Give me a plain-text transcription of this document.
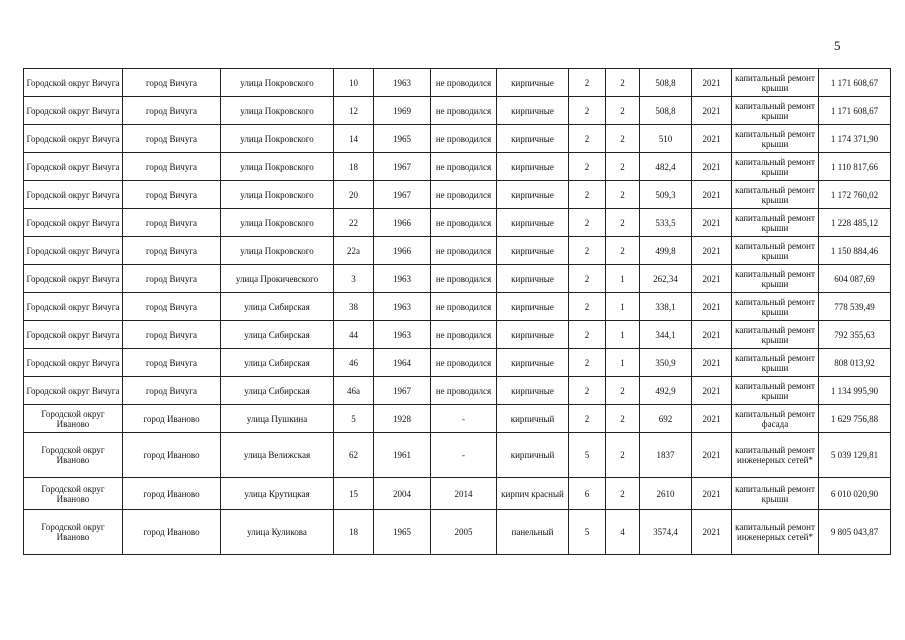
5
Городской округ Вичуга	город Вичуга	улица Покровского	10	1963	не проводился	кирпичные	2	2	508,8	2021	капитальный ремонт крыши	1 171 608,67
Городской округ Вичуга	город Вичуга	улица Покровского	12	1969	не проводился	кирпичные	2	2	508,8	2021	капитальный ремонт крыши	1 171 608,67
Городской округ Вичуга	город Вичуга	улица Покровского	14	1965	не проводился	кирпичные	2	2	510	2021	капитальный ремонт крыши	1 174 371,90
Городской округ Вичуга	город Вичуга	улица Покровского	18	1967	не проводился	кирпичные	2	2	482,4	2021	капитальный ремонт крыши	1 110 817,66
Городской округ Вичуга	город Вичуга	улица Покровского	20	1967	не проводился	кирпичные	2	2	509,3	2021	капитальный ремонт крыши	1 172 760,02
Городской округ Вичуга	город Вичуга	улица Покровского	22	1966	не проводился	кирпичные	2	2	533,5	2021	капитальный ремонт крыши	1 228 485,12
Городской округ Вичуга	город Вичуга	улица Покровского	22а	1966	не проводился	кирпичные	2	2	499,8	2021	капитальный ремонт крыши	1 150 884,46
Городской округ Вичуга	город Вичуга	улица Прокичевского	3	1963	не проводился	кирпичные	2	1	262,34	2021	капитальный ремонт крыши	604 087,69
Городской округ Вичуга	город Вичуга	улица Сибирская	38	1963	не проводился	кирпичные	2	1	338,1	2021	капитальный ремонт крыши	778 539,49
Городской округ Вичуга	город Вичуга	улица Сибирская	44	1963	не проводился	кирпичные	2	1	344,1	2021	капитальный ремонт крыши	792 355,63
Городской округ Вичуга	город Вичуга	улица Сибирская	46	1964	не проводился	кирпичные	2	1	350,9	2021	капитальный ремонт крыши	808 013,92
Городской округ Вичуга	город Вичуга	улица Сибирская	46а	1967	не проводился	кирпичные	2	2	492,9	2021	капитальный ремонт крыши	1 134 995,90
Городской округ Иваново	город Иваново	улица Пушкина	5	1928	-	кирпичный	2	2	692	2021	капитальный ремонт фасада	1 629 756,88
Городской округ Иваново	город Иваново	улица Велижская	62	1961	-	кирпичный	5	2	1837	2021	капитальный ремонт инженерных сетей*	5 039 129,81
Городской округ Иваново	город Иваново	улица Крутицкая	15	2004	2014	кирпич красный	6	2	2610	2021	капитальный ремонт крыши	6 010 020,90
Городской округ Иваново	город Иваново	улица Куликова	18	1965	2005	панельный	5	4	3574,4	2021	капитальный ремонт инженерных сетей*	9 805 043,87
